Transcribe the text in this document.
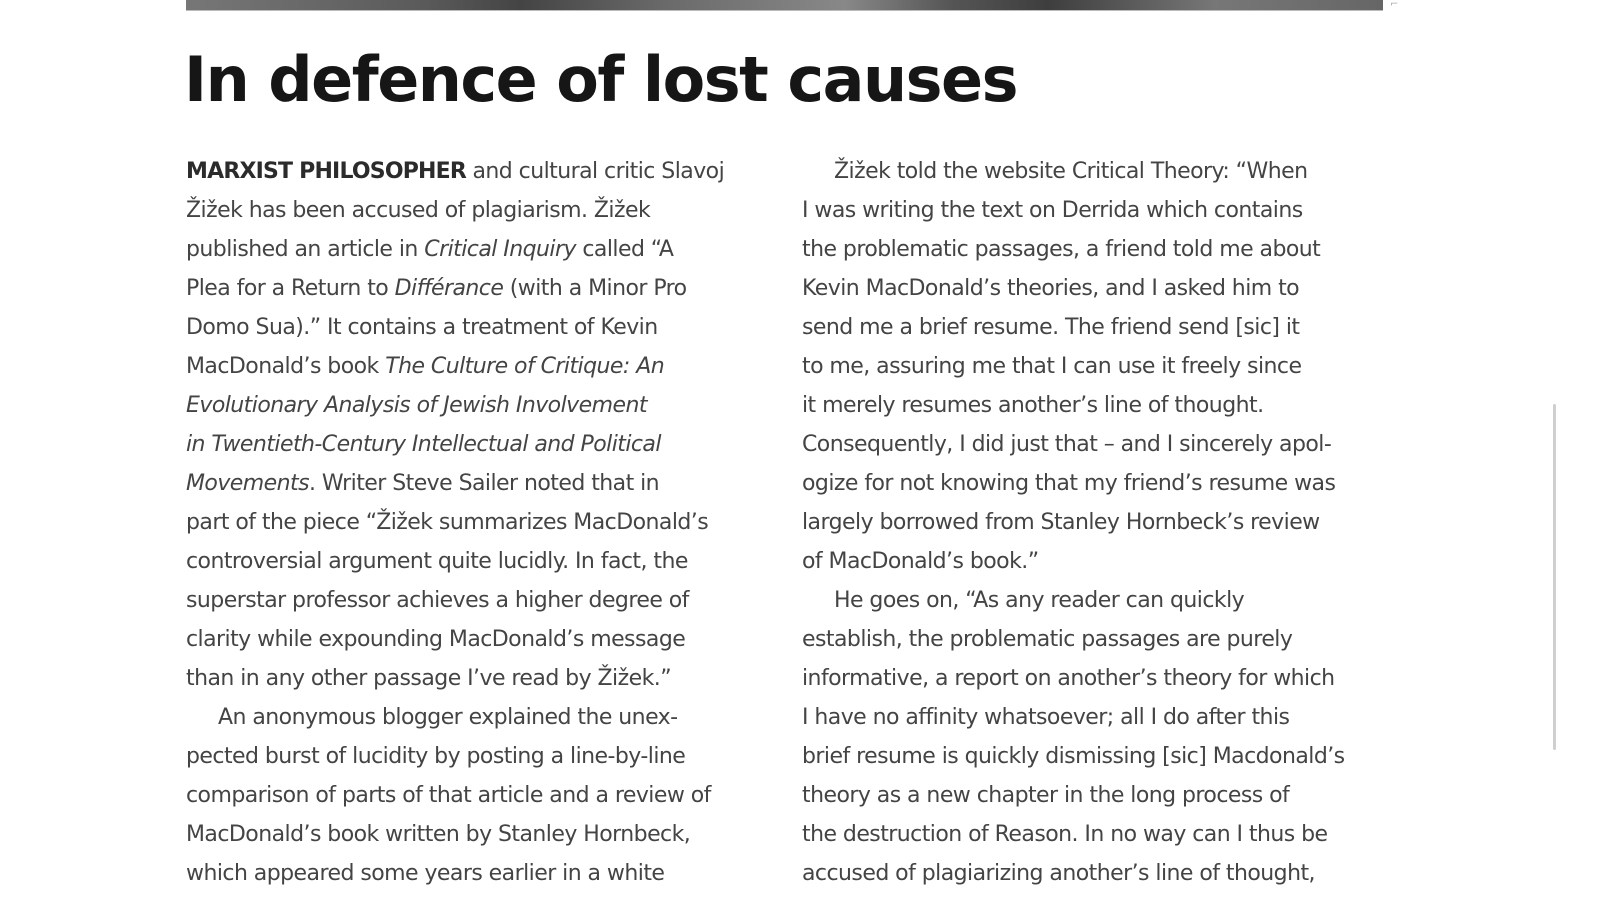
⌐
In defence of lost causes
MARXIST PHILOSOPHER and cultural critic Slavoj
Žižek has been accused of plagiarism. Žižek
published an article in Critical Inquiry called “A
Plea for a Return to Différance (with a Minor Pro
Domo Sua).” It contains a treatment of Kevin
MacDonald’s book The Culture of Critique: An
Evolutionary Analysis of Jewish Involvement
in Twentieth-Century Intellectual and Political
Movements. Writer Steve Sailer noted that in
part of the piece “Žižek summarizes MacDonald’s
controversial argument quite lucidly. In fact, the
superstar professor achieves a higher degree of
clarity while expounding MacDonald’s message
than in any other passage I’ve read by Žižek.”
An anonymous blogger explained the unex-
pected burst of lucidity by posting a line-by-line
comparison of parts of that article and a review of
MacDonald’s book written by Stanley Hornbeck,
which appeared some years earlier in a white
Žižek told the website Critical Theory: “When
I was writing the text on Derrida which contains
the problematic passages, a friend told me about
Kevin MacDonald’s theories, and I asked him to
send me a brief resume. The friend send [sic] it
to me, assuring me that I can use it freely since
it merely resumes another’s line of thought.
Consequently, I did just that – and I sincerely apol-
ogize for not knowing that my friend’s resume was
largely borrowed from Stanley Hornbeck’s review
of MacDonald’s book.”
He goes on, “As any reader can quickly
establish, the problematic passages are purely
informative, a report on another’s theory for which
I have no affinity whatsoever; all I do after this
brief resume is quickly dismissing [sic] Macdonald’s
theory as a new chapter in the long process of
the destruction of Reason. In no way can I thus be
accused of plagiarizing another’s line of thought,
